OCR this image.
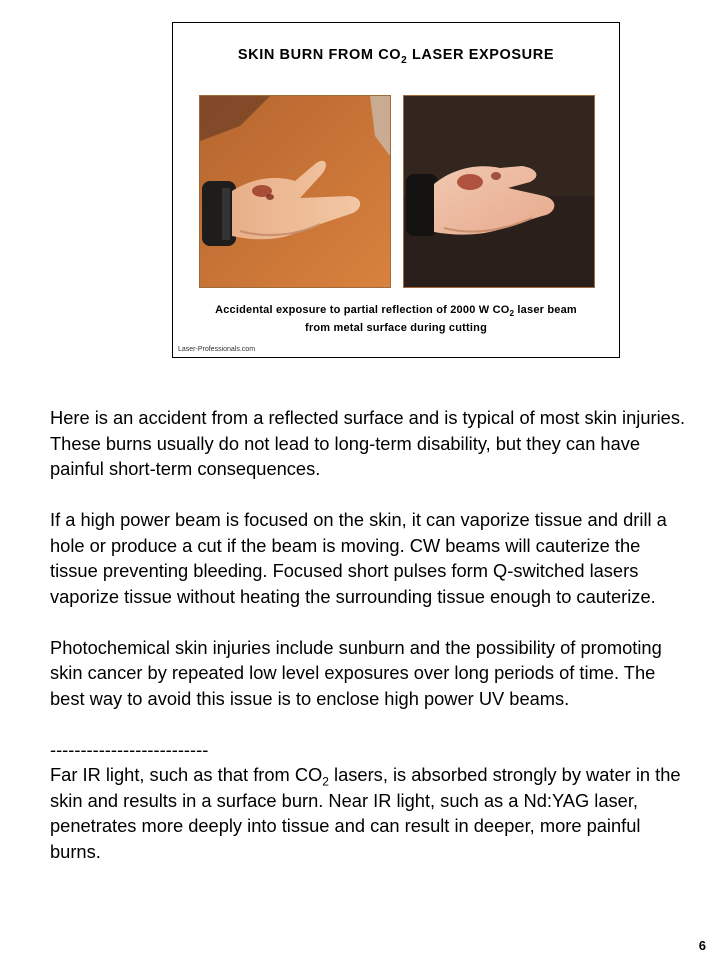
SKIN BURN FROM $CO_2$ LASER EXPOSURE
Accidental exposure to partial reflection of 2000 W $CO_2$ laser beam
from metal surface during cutting
Laser-Professionals.com

Here is an accident from a reflected surface and is typical of most skin injuries. These burns usually do not lead to long-term disability, but they can have painful short-term consequences.

If a high power beam is focused on the skin, it can vaporize tissue and drill a hole or produce a cut if the beam is moving. CW beams will cauterize the tissue preventing bleeding. Focused short pulses form Q-switched lasers vaporize tissue without heating the surrounding tissue enough to cauterize.

Photochemical skin injuries include sunburn and the possibility of promoting skin cancer by repeated low level exposures over long periods of time. The best way to avoid this issue is to enclose high power UV beams.

--------------------------
Far IR light, such as that from $CO_2$ lasers, is absorbed strongly by water in the skin and results in a surface burn. Near IR light, such as a Nd:YAG laser, penetrates more deeply into tissue and can result in deeper, more painful burns.

6
